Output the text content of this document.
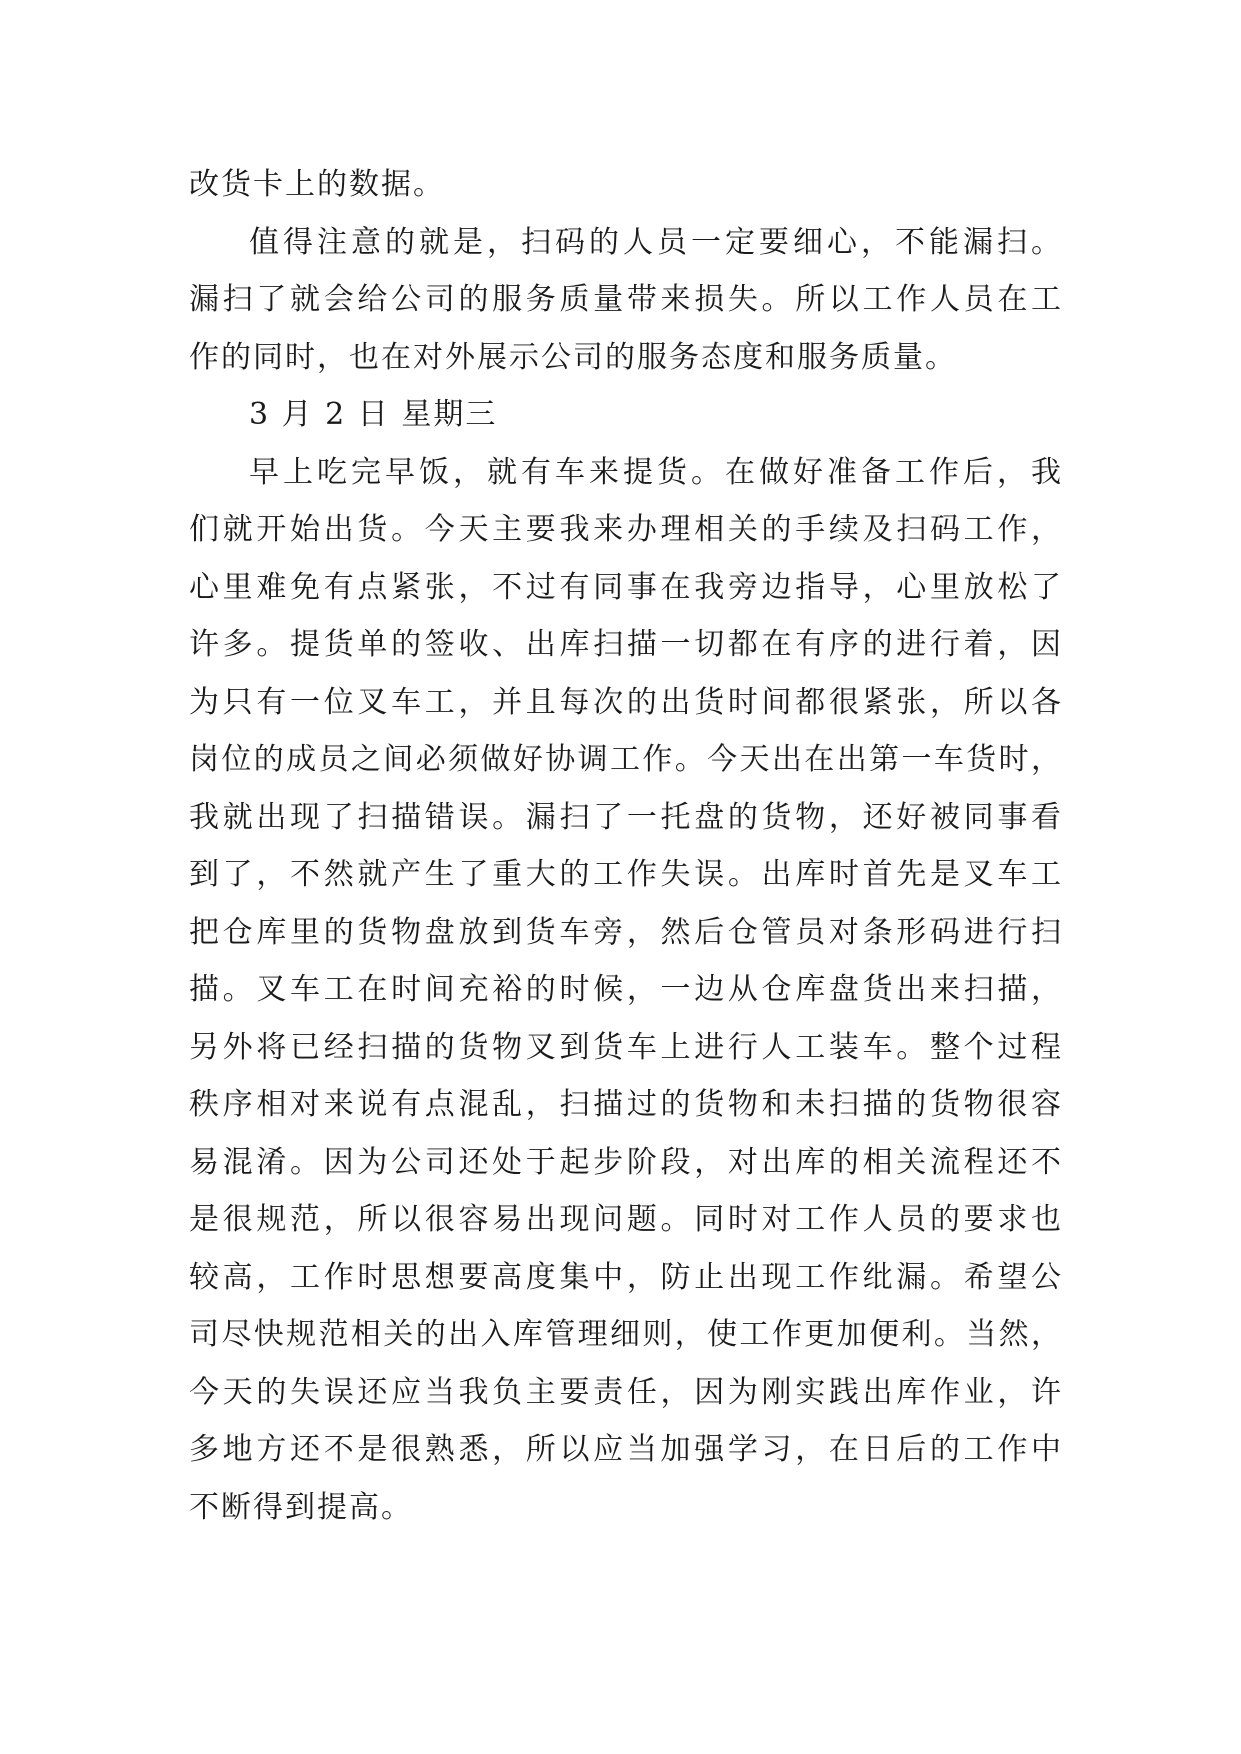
改货卡上的数据。
值得注意的就是，扫码的人员一定要细心，不能漏扫。
漏扫了就会给公司的服务质量带来损失。所以工作人员在工
作的同时，也在对外展示公司的服务态度和服务质量。
3 月 2 日 星期三
早上吃完早饭，就有车来提货。在做好准备工作后，我
们就开始出货。今天主要我来办理相关的手续及扫码工作，
心里难免有点紧张，不过有同事在我旁边指导，心里放松了
许多。提货单的签收、出库扫描一切都在有序的进行着，因
为只有一位叉车工，并且每次的出货时间都很紧张，所以各
岗位的成员之间必须做好协调工作。今天出在出第一车货时，
我就出现了扫描错误。漏扫了一托盘的货物，还好被同事看
到了，不然就产生了重大的工作失误。出库时首先是叉车工
把仓库里的货物盘放到货车旁，然后仓管员对条形码进行扫
描。叉车工在时间充裕的时候，一边从仓库盘货出来扫描，
另外将已经扫描的货物叉到货车上进行人工装车。整个过程
秩序相对来说有点混乱，扫描过的货物和未扫描的货物很容
易混淆。因为公司还处于起步阶段，对出库的相关流程还不
是很规范，所以很容易出现问题。同时对工作人员的要求也
较高，工作时思想要高度集中，防止出现工作纰漏。希望公
司尽快规范相关的出入库管理细则，使工作更加便利。当然，
今天的失误还应当我负主要责任，因为刚实践出库作业，许
多地方还不是很熟悉，所以应当加强学习，在日后的工作中
不断得到提高。
